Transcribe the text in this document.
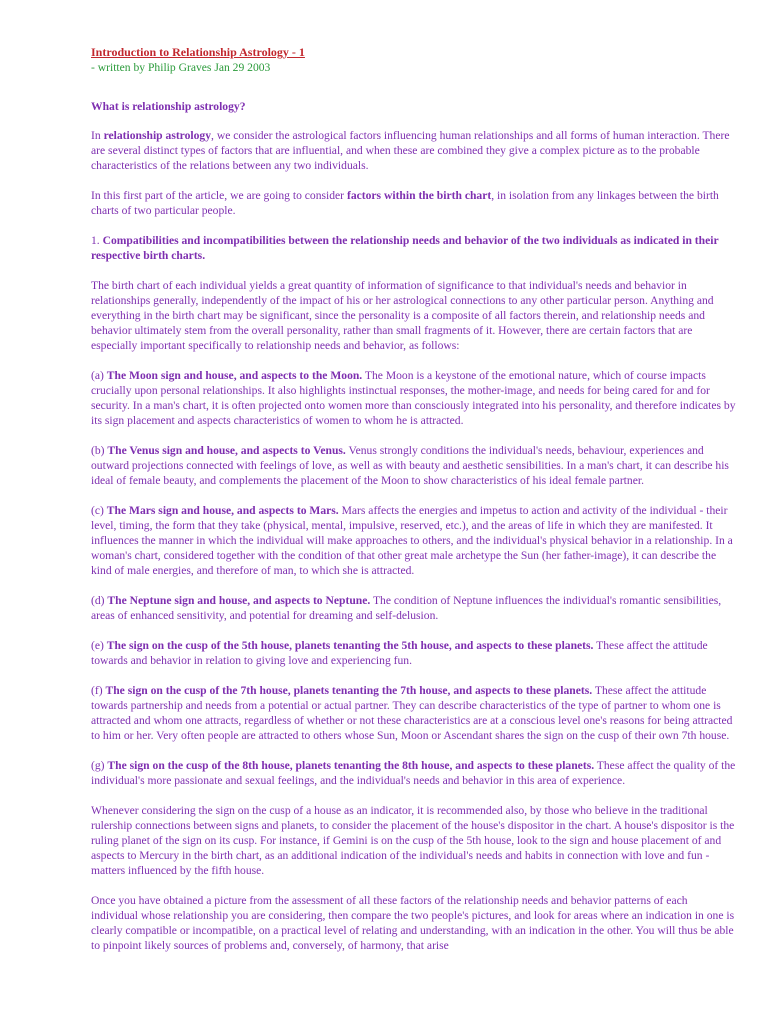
Introduction to Relationship Astrology - 1
- written by Philip Graves Jan 29 2003
What is relationship astrology?

In relationship astrology, we consider the astrological factors influencing human relationships and all forms of human interaction. There are several distinct types of factors that are influential, and when these are combined they give a complex picture as to the probable characteristics of the relations between any two individuals.

In this first part of the article, we are going to consider factors within the birth chart, in isolation from any linkages between the birth charts of two particular people.

1. Compatibilities and incompatibilities between the relationship needs and behavior of the two individuals as indicated in their respective birth charts.

The birth chart of each individual yields a great quantity of information of significance to that individual's needs and behavior in relationships generally, independently of the impact of his or her astrological connections to any other particular person. Anything and everything in the birth chart may be significant, since the personality is a composite of all factors therein, and relationship needs and behavior ultimately stem from the overall personality, rather than small fragments of it. However, there are certain factors that are especially important specifically to relationship needs and behavior, as follows:

(a) The Moon sign and house, and aspects to the Moon. The Moon is a keystone of the emotional nature, which of course impacts crucially upon personal relationships. It also highlights instinctual responses, the mother-image, and needs for being cared for and for security. In a man's chart, it is often projected onto women more than consciously integrated into his personality, and therefore indicates by its sign placement and aspects characteristics of women to whom he is attracted.

(b) The Venus sign and house, and aspects to Venus. Venus strongly conditions the individual's needs, behaviour, experiences and outward projections connected with feelings of love, as well as with beauty and aesthetic sensibilities. In a man's chart, it can describe his ideal of female beauty, and complements the placement of the Moon to show characteristics of his ideal female partner.

(c) The Mars sign and house, and aspects to Mars. Mars affects the energies and impetus to action and activity of the individual - their level, timing, the form that they take (physical, mental, impulsive, reserved, etc.), and the areas of life in which they are manifested. It influences the manner in which the individual will make approaches to others, and the individual's physical behavior in a relationship. In a woman's chart, considered together with the condition of that other great male archetype the Sun (her father-image), it can describe the kind of male energies, and therefore of man, to which she is attracted.

(d) The Neptune sign and house, and aspects to Neptune. The condition of Neptune influences the individual's romantic sensibilities, areas of enhanced sensitivity, and potential for dreaming and self-delusion.

(e) The sign on the cusp of the 5th house, planets tenanting the 5th house, and aspects to these planets. These affect the attitude towards and behavior in relation to giving love and experiencing fun.

(f) The sign on the cusp of the 7th house, planets tenanting the 7th house, and aspects to these planets. These affect the attitude towards partnership and needs from a potential or actual partner. They can describe characteristics of the type of partner to whom one is attracted and whom one attracts, regardless of whether or not these characteristics are at a conscious level one's reasons for being attracted to him or her. Very often people are attracted to others whose Sun, Moon or Ascendant shares the sign on the cusp of their own 7th house.

(g) The sign on the cusp of the 8th house, planets tenanting the 8th house, and aspects to these planets. These affect the quality of the individual's more passionate and sexual feelings, and the individual's needs and behavior in this area of experience.

Whenever considering the sign on the cusp of a house as an indicator, it is recommended also, by those who believe in the traditional rulership connections between signs and planets, to consider the placement of the house's dispositor in the chart. A house's dispositor is the ruling planet of the sign on its cusp. For instance, if Gemini is on the cusp of the 5th house, look to the sign and house placement of and aspects to Mercury in the birth chart, as an additional indication of the individual's needs and habits in connection with love and fun - matters influenced by the fifth house.

Once you have obtained a picture from the assessment of all these factors of the relationship needs and behavior patterns of each individual whose relationship you are considering, then compare the two people's pictures, and look for areas where an indication in one is clearly compatible or incompatible, on a practical level of relating and understanding, with an indication in the other. You will thus be able to pinpoint likely sources of problems and, conversely, of harmony, that arise
